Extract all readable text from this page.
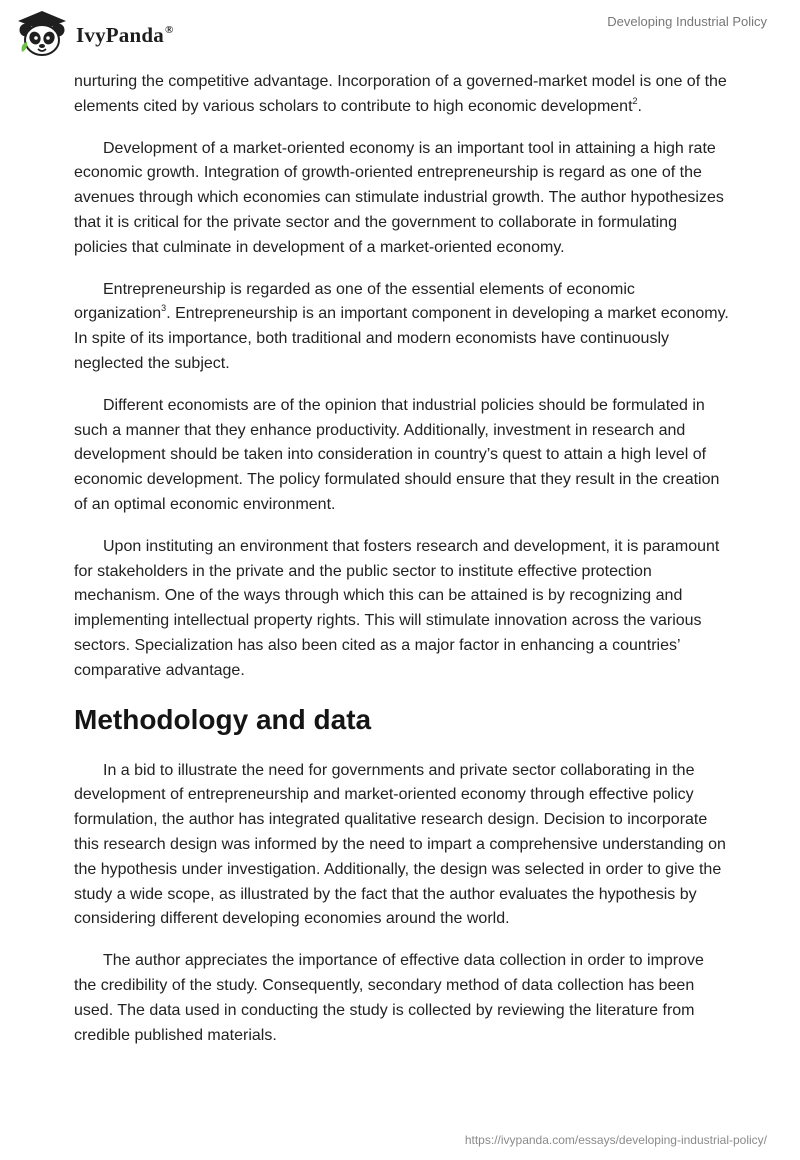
IvyPanda®
Developing Industrial Policy

nurturing the competitive advantage. Incorporation of a governed-market model is one of the elements cited by various scholars to contribute to high economic development$^2$.

Development of a market-oriented economy is an important tool in attaining a high rate economic growth. Integration of growth-oriented entrepreneurship is regard as one of the avenues through which economies can stimulate industrial growth. The author hypothesizes that it is critical for the private sector and the government to collaborate in formulating policies that culminate in development of a market-oriented economy.

Entrepreneurship is regarded as one of the essential elements of economic organization$^3$. Entrepreneurship is an important component in developing a market economy. In spite of its importance, both traditional and modern economists have continuously neglected the subject.

Different economists are of the opinion that industrial policies should be formulated in such a manner that they enhance productivity. Additionally, investment in research and development should be taken into consideration in country’s quest to attain a high level of economic development. The policy formulated should ensure that they result in the creation of an optimal economic environment.

Upon instituting an environment that fosters research and development, it is paramount for stakeholders in the private and the public sector to institute effective protection mechanism. One of the ways through which this can be attained is by recognizing and implementing intellectual property rights. This will stimulate innovation across the various sectors. Specialization has also been cited as a major factor in enhancing a countries’ comparative advantage.

Methodology and data

In a bid to illustrate the need for governments and private sector collaborating in the development of entrepreneurship and market-oriented economy through effective policy formulation, the author has integrated qualitative research design. Decision to incorporate this research design was informed by the need to impart a comprehensive understanding on the hypothesis under investigation. Additionally, the design was selected in order to give the study a wide scope, as illustrated by the fact that the author evaluates the hypothesis by considering different developing economies around the world.

The author appreciates the importance of effective data collection in order to improve the credibility of the study. Consequently, secondary method of data collection has been used. The data used in conducting the study is collected by reviewing the literature from credible published materials.

https://ivypanda.com/essays/developing-industrial-policy/
